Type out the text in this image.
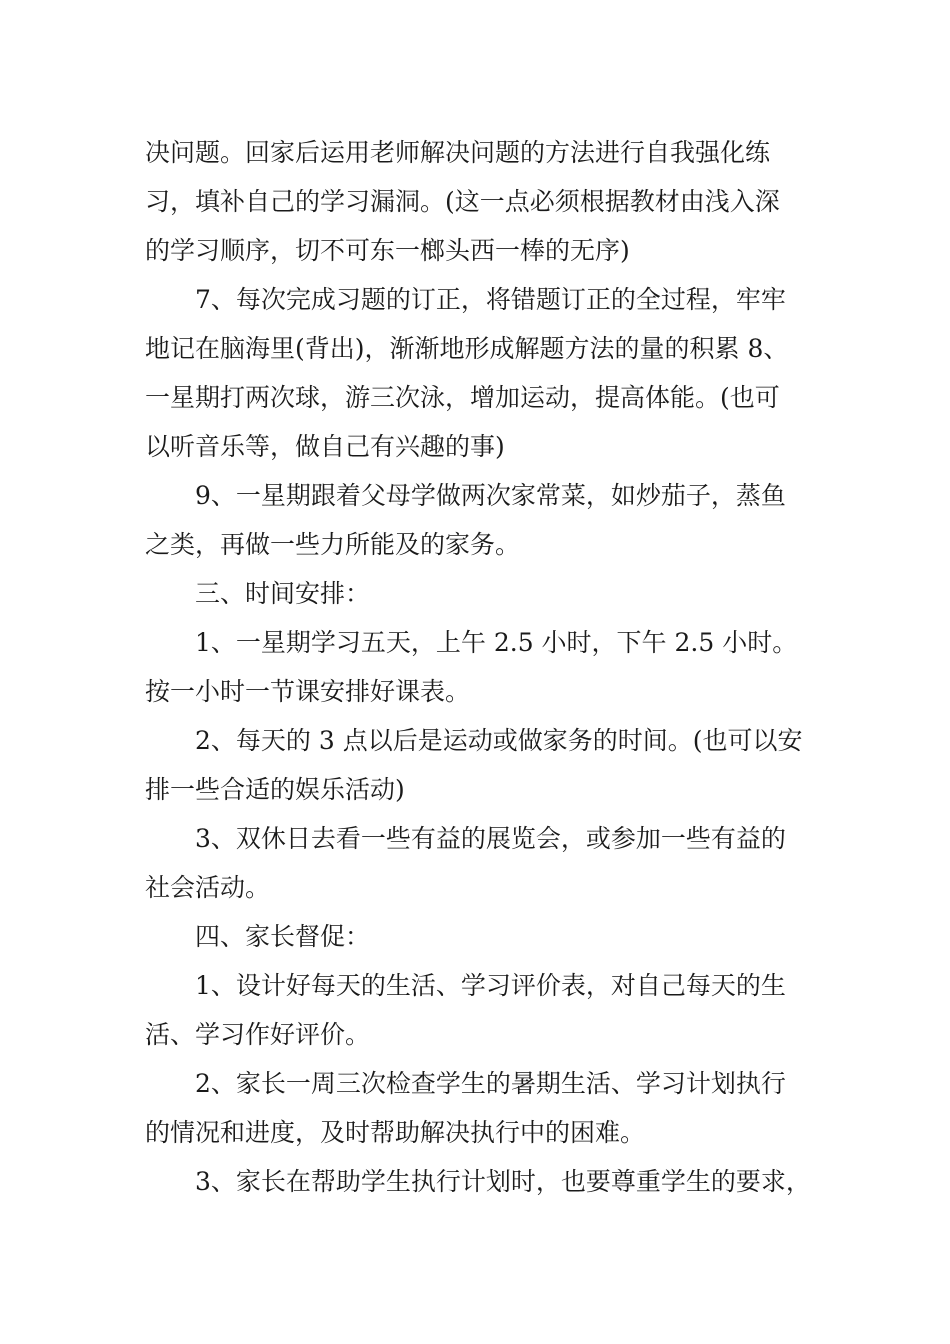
决问题。回家后运用老师解决问题的方法进行自我强化练
习，填补自己的学习漏洞。(这一点必须根据教材由浅入深
的学习顺序，切不可东一榔头西一棒的无序)
7、每次完成习题的订正，将错题订正的全过程，牢牢
地记在脑海里(背出)，渐渐地形成解题方法的量的积累 8、
一星期打两次球，游三次泳，增加运动，提高体能。(也可
以听音乐等，做自己有兴趣的事)
9、一星期跟着父母学做两次家常菜，如炒茄子，蒸鱼
之类，再做一些力所能及的家务。
三、时间安排：
1、一星期学习五天，上午 2.5 小时，下午 2.5 小时。
按一小时一节课安排好课表。
2、每天的 3 点以后是运动或做家务的时间。(也可以安
排一些合适的娱乐活动)
3、双休日去看一些有益的展览会，或参加一些有益的
社会活动。
四、家长督促：
1、设计好每天的生活、学习评价表，对自己每天的生
活、学习作好评价。
2、家长一周三次检查学生的暑期生活、学习计划执行
的情况和进度，及时帮助解决执行中的困难。
3、家长在帮助学生执行计划时，也要尊重学生的要求，
